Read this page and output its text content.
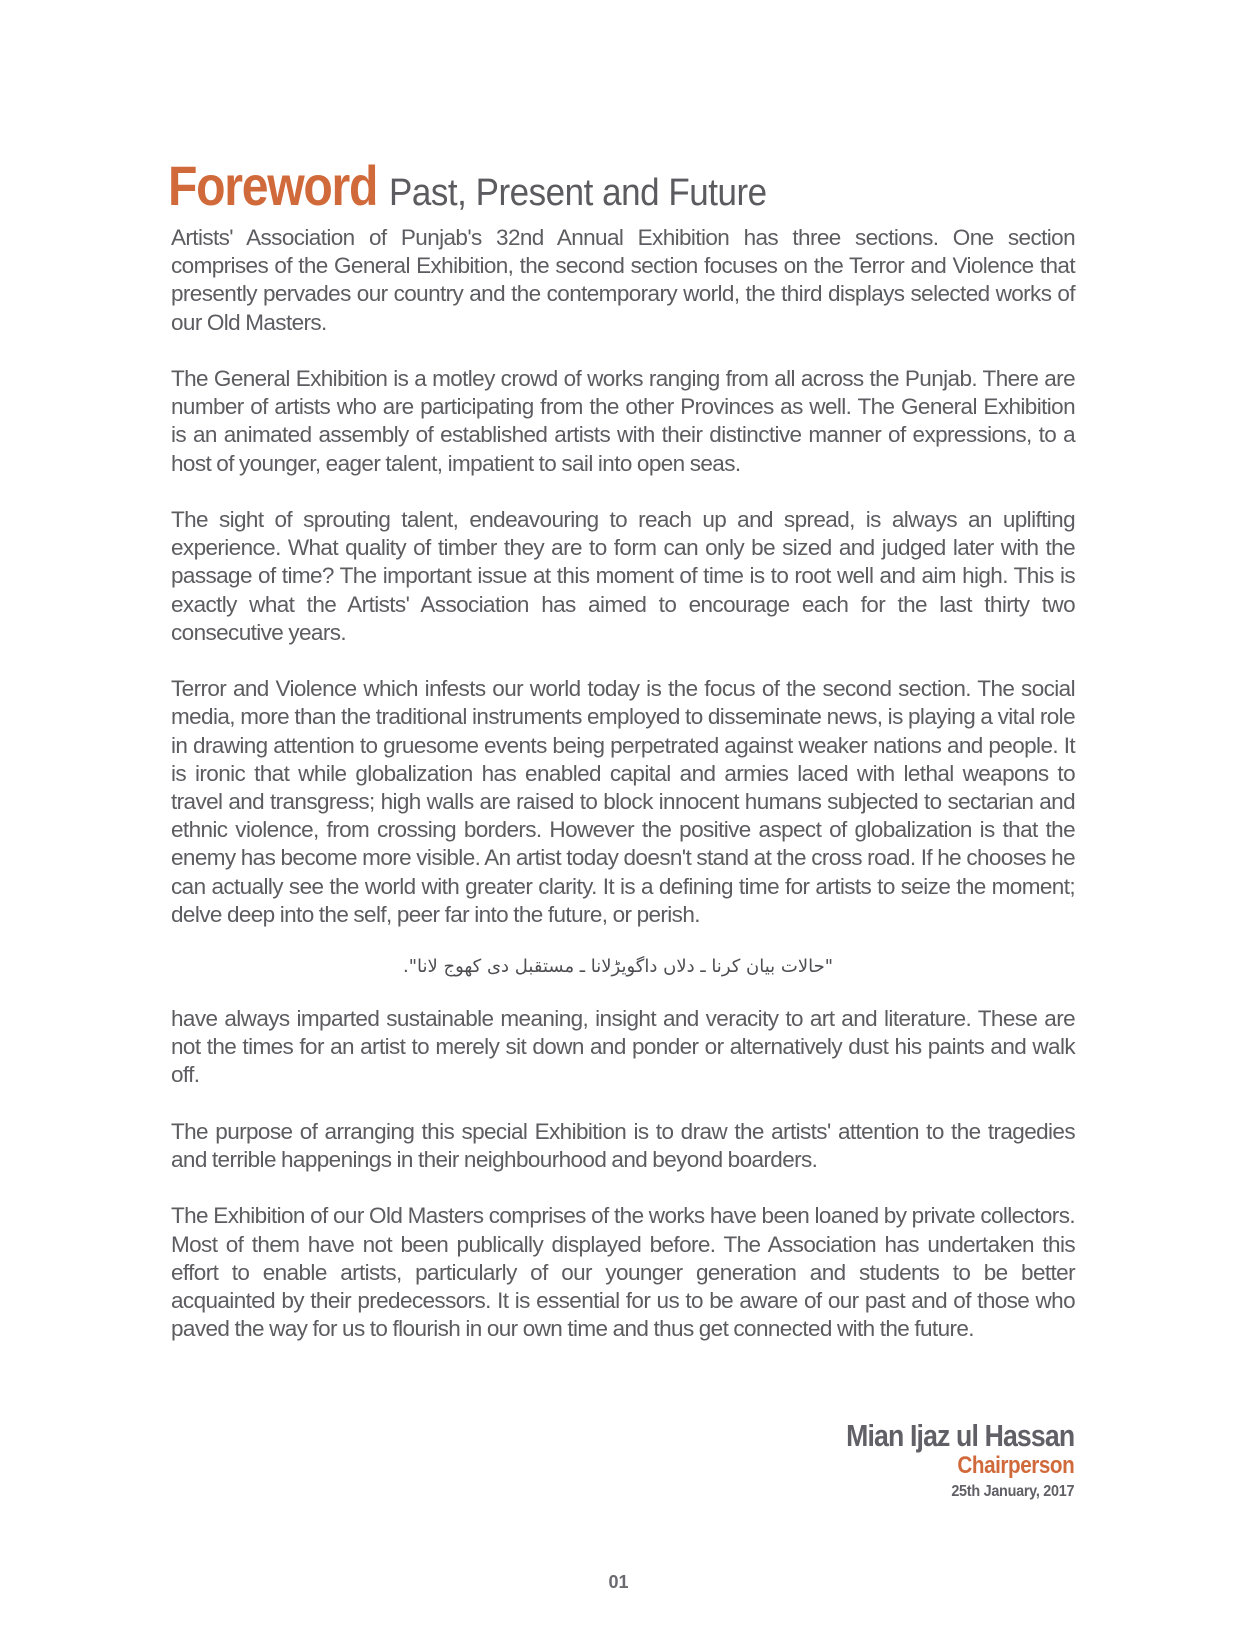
Foreword Past, Present and Future

Artists' Association of Punjab's 32nd Annual Exhibition has three sections. One section comprises of the General Exhibition, the second section focuses on the Terror and Violence that presently pervades our country and the contemporary world, the third displays selected works of our Old Masters.

The General Exhibition is a motley crowd of works ranging from all across the Punjab. There are number of artists who are participating from the other Provinces as well. The General Exhibition is an animated assembly of established artists with their distinctive manner of expressions, to a host of younger, eager talent, impatient to sail into open seas.

The sight of sprouting talent, endeavouring to reach up and spread, is always an uplifting experience. What quality of timber they are to form can only be sized and judged later with the passage of time? The important issue at this moment of time is to root well and aim high. This is exactly what the Artists' Association has aimed to encourage each for the last thirty two consecutive years.

Terror and Violence which infests our world today is the focus of the second section. The social media, more than the traditional instruments employed to disseminate news, is playing a vital role in drawing attention to gruesome events being perpetrated against weaker nations and people. It is ironic that while globalization has enabled capital and armies laced with lethal weapons to travel and transgress; high walls are raised to block innocent humans subjected to sectarian and ethnic violence, from crossing borders. However the positive aspect of globalization is that the enemy has become more visible. An artist today doesn't stand at the cross road. If he chooses he can actually see the world with greater clarity. It is a defining time for artists to seize the moment; delve deep into the self, peer far into the future, or perish.

"حالات بیان کرنا ـ دلاں داگویڑلانا ـ مستقبل دی کھوج لانا".

have always imparted sustainable meaning, insight and veracity to art and literature. These are not the times for an artist to merely sit down and ponder or alternatively dust his paints and walk off.

The purpose of arranging this special Exhibition is to draw the artists' attention to the tragedies and terrible happenings in their neighbourhood and beyond boarders.

The Exhibition of our Old Masters comprises of the works have been loaned by private collectors. Most of them have not been publically displayed before. The Association has undertaken this effort to enable artists, particularly of our younger generation and students to be better acquainted by their predecessors. It is essential for us to be aware of our past and of those who paved the way for us to flourish in our own time and thus get connected with the future.

Mian Ijaz ul Hassan
Chairperson
25th January, 2017
01
